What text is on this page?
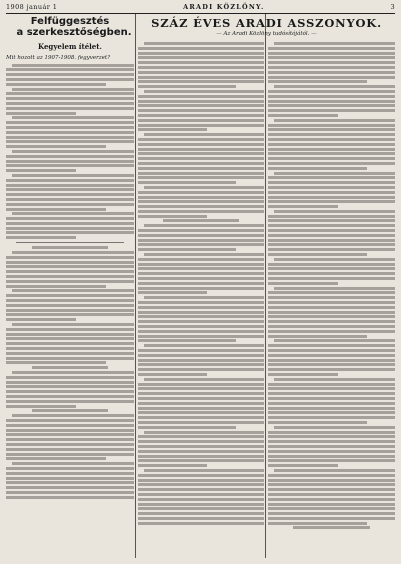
1908 január 1	ARADI KÖZLÖNY.	3
Felfüggesztés
a szerkesztőségben.
Kegyelem ítélet.
Mit hozott az 1907-1908. fegyverzet?
SZÁZ ÉVES ARADI ASSZONYOK.
— Az Aradi Közlöny tudósítójától. —
